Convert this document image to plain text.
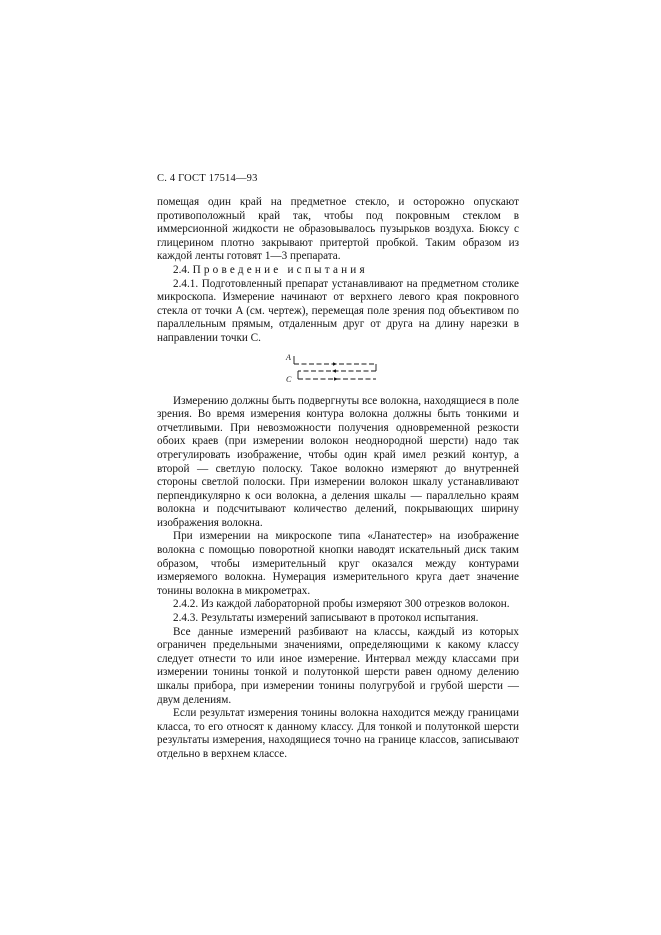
С. 4 ГОСТ 17514—93

помещая один край на предметное стекло, и осторожно опускают противоположный край так, чтобы под покровным стеклом в иммерсионной жидкости не образовывалось пузырьков воздуха. Бюксу с глицерином плотно закрывают притертой пробкой. Таким образом из каждой ленты готовят 1—3 препарата.

2.4. Проведение испытания

2.4.1. Подготовленный препарат устанавливают на предметном столике микроскопа. Измерение начинают от верхнего левого края покровного стекла от точки A (см. чертеж), перемещая поле зрения под объективом по параллельным прямым, отдаленным друг от друга на длину нарезки в направлении точки С.

A
C

Измерению должны быть подвергнуты все волокна, находящиеся в поле зрения. Во время измерения контура волокна должны быть тонкими и отчетливыми. При невозможности получения одновременной резкости обоих краев (при измерении волокон неоднородной шерсти) надо так отрегулировать изображение, чтобы один край имел резкий контур, а второй — светлую полоску. Такое волокно измеряют до внутренней стороны светлой полоски. При измерении волокон шкалу устанавливают перпендикулярно к оси волокна, а деления шкалы — параллельно краям волокна и подсчитывают количество делений, покрывающих ширину изображения волокна.

При измерении на микроскопе типа «Ланатестер» на изображение волокна с помощью поворотной кнопки наводят искательный диск таким образом, чтобы измерительный круг оказался между контурами измеряемого волокна. Нумерация измерительного круга дает значение тонины волокна в микрометрах.

2.4.2. Из каждой лабораторной пробы измеряют 300 отрезков волокон.

2.4.3. Результаты измерений записывают в протокол испытания.

Все данные измерений разбивают на классы, каждый из которых ограничен предельными значениями, определяющими к какому классу следует отнести то или иное измерение. Интервал между классами при измерении тонины тонкой и полутонкой шерсти равен одному делению шкалы прибора, при измерении тонины полугрубой и грубой шерсти — двум делениям.

Если результат измерения тонины волокна находится между границами класса, то его относят к данному классу. Для тонкой и полутонкой шерсти результаты измерения, находящиеся точно на границе классов, записывают отдельно в верхнем классе.
